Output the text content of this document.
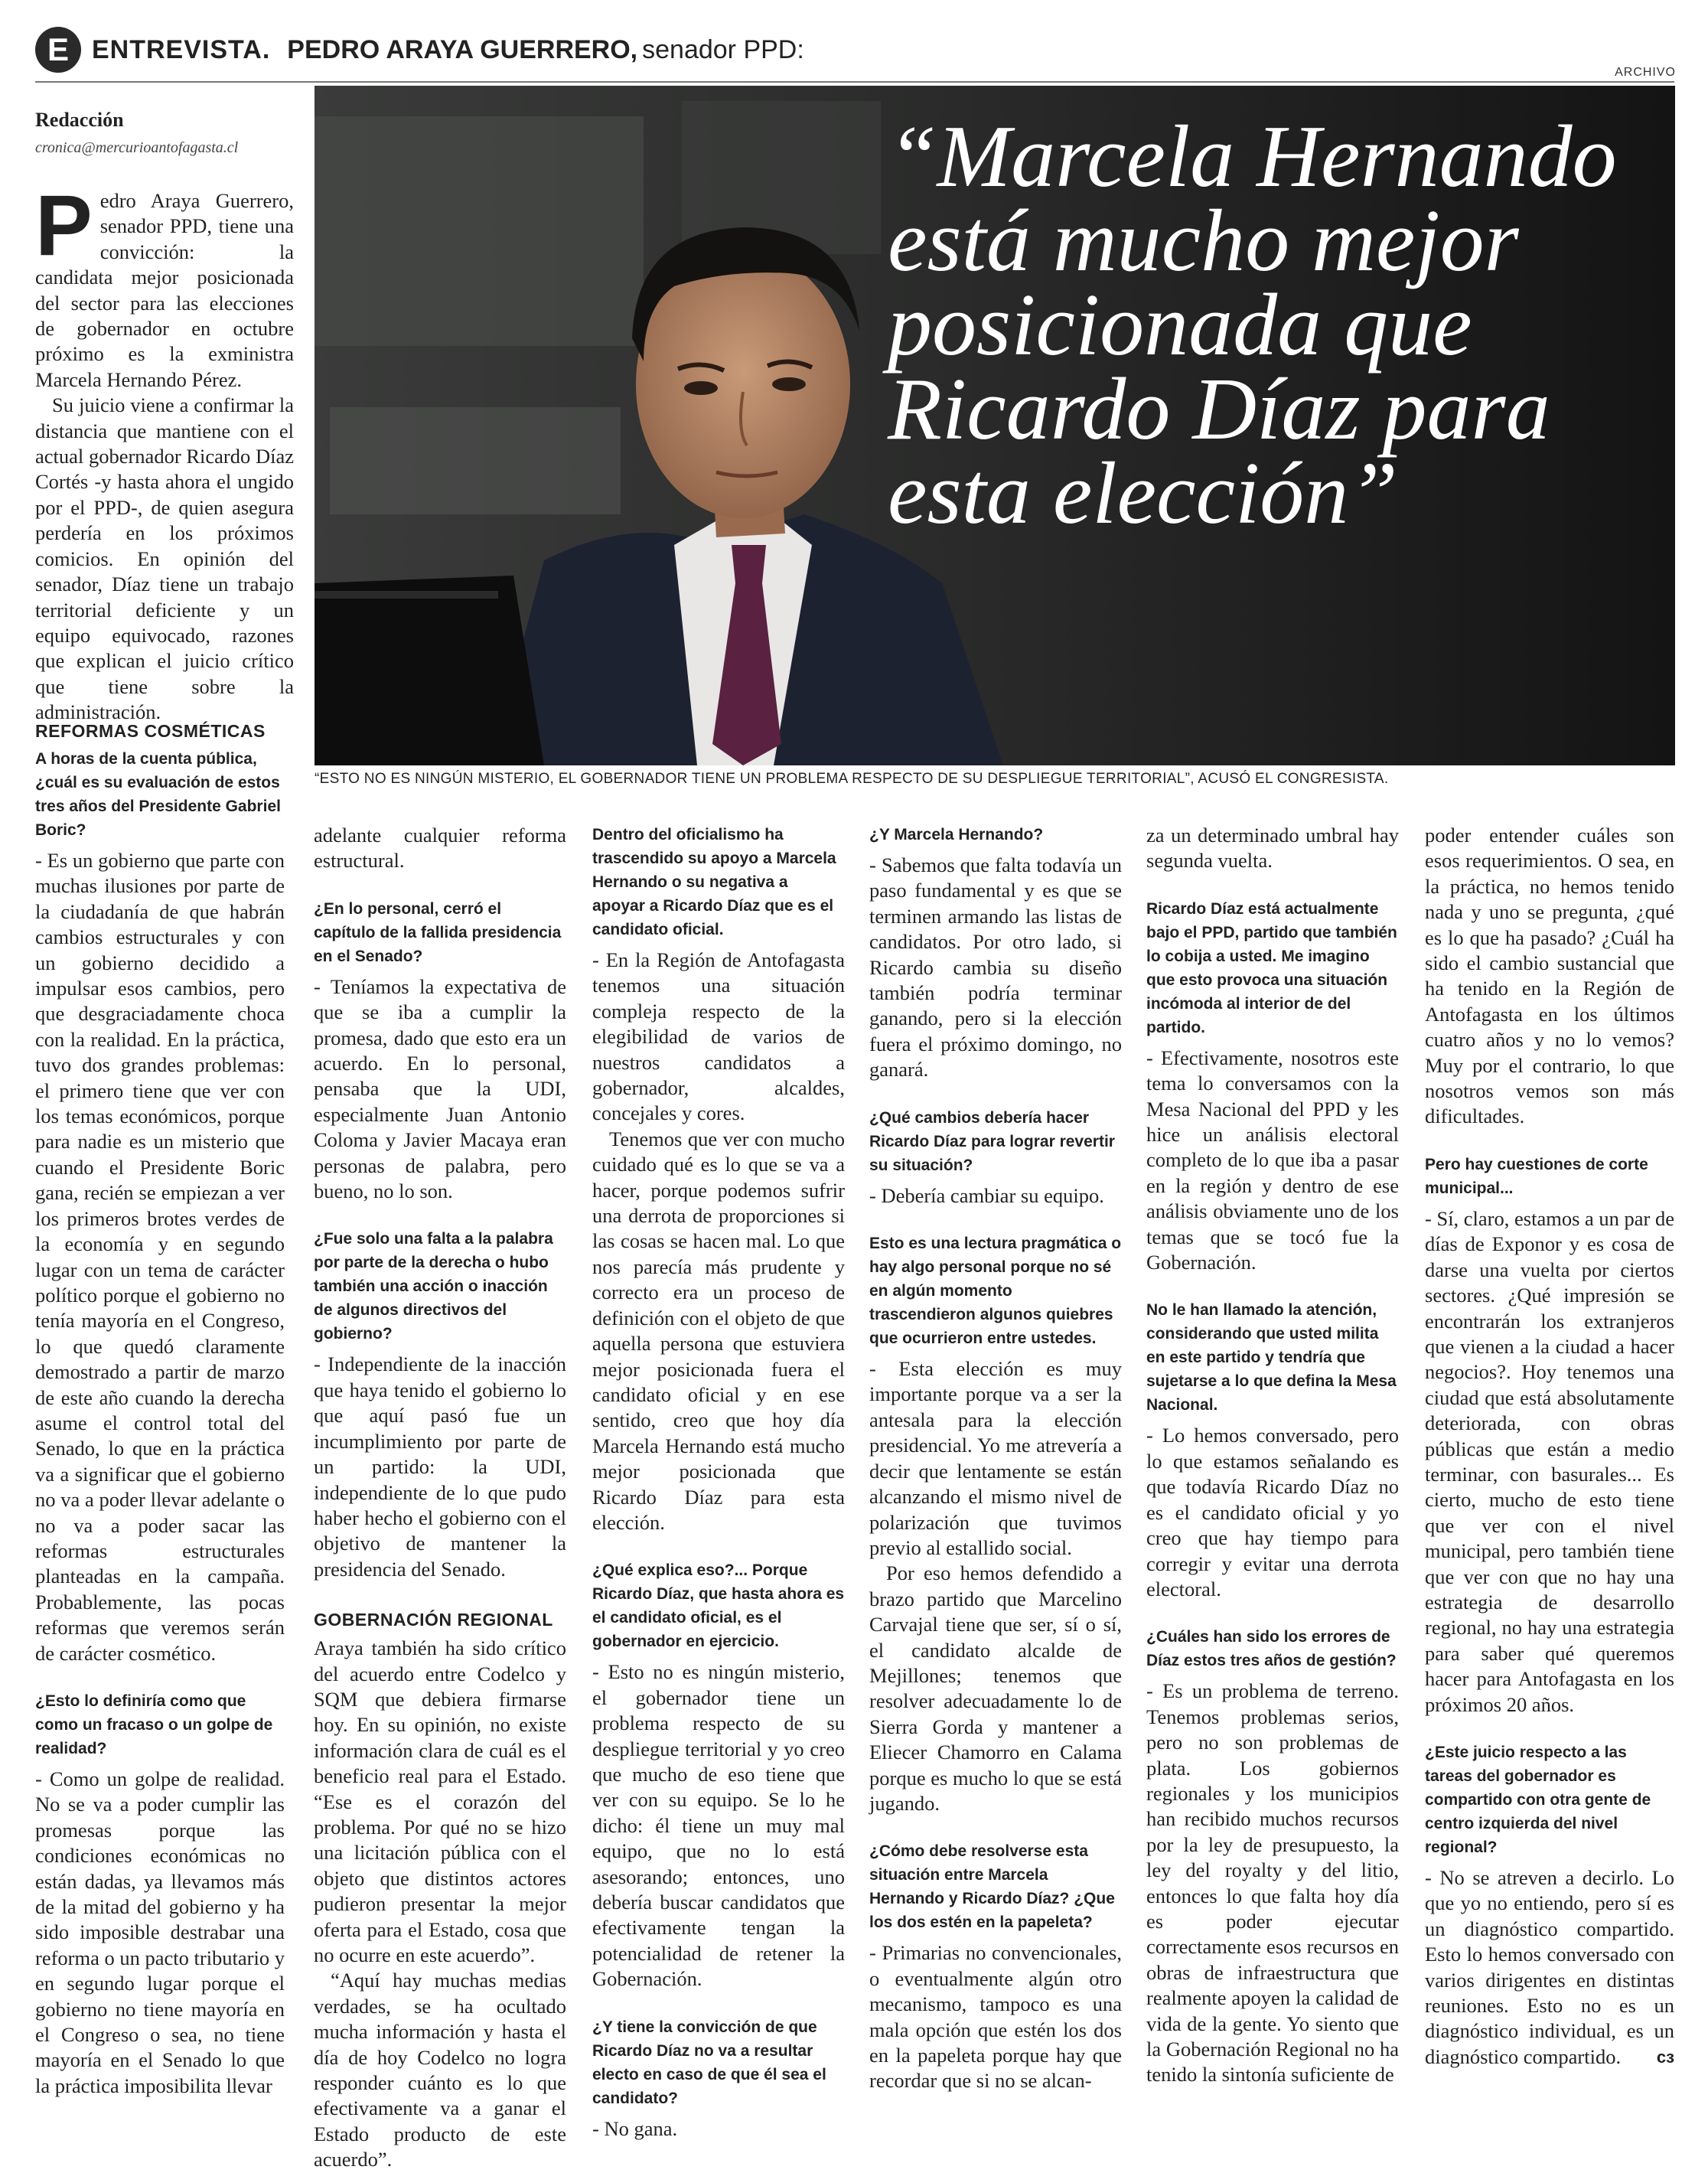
E ENTREVISTA. PEDRO ARAYA GUERRERO, senador PPD:
ARCHIVO
“Marcela Hernando está mucho mejor posicionada que Ricardo Díaz para esta elección”
“ESTO NO ES NINGÚN MISTERIO, EL GOBERNADOR TIENE UN PROBLEMA RESPECTO DE SU DESPLIEGUE TERRITORIAL”, ACUSÓ EL CONGRESISTA.
Redacción
cronica@mercurioantofagasta.cl

Pedro Araya Guerrero, senador PPD, tiene una convicción: la candidata mejor posicionada del sector para las elecciones de gobernador en octubre próximo es la exministra Marcela Hernando Pérez.

Su juicio viene a confirmar la distancia que mantiene con el actual gobernador Ricardo Díaz Cortés -y hasta ahora el ungido por el PPD-, de quien asegura perdería en los próximos comicios. En opinión del senador, Díaz tiene un trabajo territorial deficiente y un equipo equivocado, razones que explican el juicio crítico que tiene sobre la administración.

REFORMAS COSMÉTICAS
A horas de la cuenta pública, ¿cuál es su evaluación de estos tres años del Presidente Gabriel Boric?

- Es un gobierno que parte con muchas ilusiones por parte de la ciudadanía de que habrán cambios estructurales y con un gobierno decidido a impulsar esos cambios, pero que desgraciadamente choca con la realidad. En la práctica, tuvo dos grandes problemas: el primero tiene que ver con los temas económicos, porque para nadie es un misterio que cuando el Presidente Boric gana, recién se empiezan a ver los primeros brotes verdes de la economía y en segundo lugar con un tema de carácter político porque el gobierno no tenía mayoría en el Congreso, lo que quedó claramente demostrado a partir de marzo de este año cuando la derecha asume el control total del Senado, lo que en la práctica va a significar que el gobierno no va a poder llevar adelante o no va a poder sacar las reformas estructurales planteadas en la campaña. Probablemente, las pocas reformas que veremos serán de carácter cosmético.

¿Esto lo definiría como que como un fracaso o un golpe de realidad?

- Como un golpe de realidad. No se va a poder cumplir las promesas porque las condiciones económicas no están dadas, ya llevamos más de la mitad del gobierno y ha sido imposible destrabar una reforma o un pacto tributario y en segundo lugar porque el gobierno no tiene mayoría en el Congreso o sea, no tiene mayoría en el Senado lo que la práctica imposibilita llevar

adelante cualquier reforma estructural.

¿En lo personal, cerró el capítulo de la fallida presidencia en el Senado?

- Teníamos la expectativa de que se iba a cumplir la promesa, dado que esto era un acuerdo. En lo personal, pensaba que la UDI, especialmente Juan Antonio Coloma y Javier Macaya eran personas de palabra, pero bueno, no lo son.

¿Fue solo una falta a la palabra por parte de la derecha o hubo también una acción o inacción de algunos directivos del gobierno?

- Independiente de la inacción que haya tenido el gobierno lo que aquí pasó fue un incumplimiento por parte de un partido: la UDI, independiente de lo que pudo haber hecho el gobierno con el objetivo de mantener la presidencia del Senado.

GOBERNACIÓN REGIONAL

Araya también ha sido crítico del acuerdo entre Codelco y SQM que debiera firmarse hoy. En su opinión, no existe información clara de cuál es el beneficio real para el Estado. “Ese es el corazón del problema. Por qué no se hizo una licitación pública con el objeto que distintos actores pudieron presentar la mejor oferta para el Estado, cosa que no ocurre en este acuerdo”.

“Aquí hay muchas medias verdades, se ha ocultado mucha información y hasta el día de hoy Codelco no logra responder cuánto es lo que efectivamente va a ganar el Estado producto de este acuerdo”.

Dentro del oficialismo ha trascendido su apoyo a Marcela Hernando o su negativa a apoyar a Ricardo Díaz que es el candidato oficial.

- En la Región de Antofagasta tenemos una situación compleja respecto de la elegibilidad de varios de nuestros candidatos a gobernador, alcaldes, concejales y cores.

Tenemos que ver con mucho cuidado qué es lo que se va a hacer, porque podemos sufrir una derrota de proporciones si las cosas se hacen mal. Lo que nos parecía más prudente y correcto era un proceso de definición con el objeto de que aquella persona que estuviera mejor posicionada fuera el candidato oficial y en ese sentido, creo que hoy día Marcela Hernando está mucho mejor posicionada que Ricardo Díaz para esta elección.

¿Qué explica eso?... Porque Ricardo Díaz, que hasta ahora es el candidato oficial, es el gobernador en ejercicio.

- Esto no es ningún misterio, el gobernador tiene un problema respecto de su despliegue territorial y yo creo que mucho de eso tiene que ver con su equipo. Se lo he dicho: él tiene un muy mal equipo, que no lo está asesorando; entonces, uno debería buscar candidatos que efectivamente tengan la potencialidad de retener la Gobernación.

¿Y tiene la convicción de que Ricardo Díaz no va a resultar electo en caso de que él sea el candidato?

- No gana.

¿Y Marcela Hernando?

- Sabemos que falta todavía un paso fundamental y es que se terminen armando las listas de candidatos. Por otro lado, si Ricardo cambia su diseño también podría terminar ganando, pero si la elección fuera el próximo domingo, no ganará.

¿Qué cambios debería hacer Ricardo Díaz para lograr revertir su situación?

- Debería cambiar su equipo.

Esto es una lectura pragmática o hay algo personal porque no sé en algún momento trascendieron algunos quiebres que ocurrieron entre ustedes.

- Esta elección es muy importante porque va a ser la antesala para la elección presidencial. Yo me atrevería a decir que lentamente se están alcanzando el mismo nivel de polarización que tuvimos previo al estallido social.

Por eso hemos defendido a brazo partido que Marcelino Carvajal tiene que ser, sí o sí, el candidato alcalde de Mejillones; tenemos que resolver adecuadamente lo de Sierra Gorda y mantener a Eliecer Chamorro en Calama porque es mucho lo que se está jugando.

¿Cómo debe resolverse esta situación entre Marcela Hernando y Ricardo Díaz? ¿Que los dos estén en la papeleta?

- Primarias no convencionales, o eventualmente algún otro mecanismo, tampoco es una mala opción que estén los dos en la papeleta porque hay que recordar que si no se alcan-

za un determinado umbral hay segunda vuelta.

Ricardo Díaz está actualmente bajo el PPD, partido que también lo cobija a usted. Me imagino que esto provoca una situación incómoda al interior de del partido.

- Efectivamente, nosotros este tema lo conversamos con la Mesa Nacional del PPD y les hice un análisis electoral completo de lo que iba a pasar en la región y dentro de ese análisis obviamente uno de los temas que se tocó fue la Gobernación.

No le han llamado la atención, considerando que usted milita en este partido y tendría que sujetarse a lo que defina la Mesa Nacional.

- Lo hemos conversado, pero lo que estamos señalando es que todavía Ricardo Díaz no es el candidato oficial y yo creo que hay tiempo para corregir y evitar una derrota electoral.

¿Cuáles han sido los errores de Díaz estos tres años de gestión?

- Es un problema de terreno. Tenemos problemas serios, pero no son problemas de plata. Los gobiernos regionales y los municipios han recibido muchos recursos por la ley de presupuesto, la ley del royalty y del litio, entonces lo que falta hoy día es poder ejecutar correctamente esos recursos en obras de infraestructura que realmente apoyen la calidad de vida de la gente. Yo siento que la Gobernación Regional no ha tenido la sintonía suficiente de

poder entender cuáles son esos requerimientos. O sea, en la práctica, no hemos tenido nada y uno se pregunta, ¿qué es lo que ha pasado? ¿Cuál ha sido el cambio sustancial que ha tenido en la Región de Antofagasta en los últimos cuatro años y no lo vemos? Muy por el contrario, lo que nosotros vemos son más dificultades.

Pero hay cuestiones de corte municipal...

- Sí, claro, estamos a un par de días de Exponor y es cosa de darse una vuelta por ciertos sectores. ¿Qué impresión se encontrarán los extranjeros que vienen a la ciudad a hacer negocios?. Hoy tenemos una ciudad que está absolutamente deteriorada, con obras públicas que están a medio terminar, con basurales... Es cierto, mucho de esto tiene que ver con el nivel municipal, pero también tiene que ver con que no hay una estrategia de desarrollo regional, no hay una estrategia para saber qué queremos hacer para Antofagasta en los próximos 20 años.

¿Este juicio respecto a las tareas del gobernador es compartido con otra gente de centro izquierda del nivel regional?

- No se atreven a decirlo. Lo que yo no entiendo, pero sí es un diagnóstico compartido. Esto lo hemos conversado con varios dirigentes en distintas reuniones. Esto no es un diagnóstico individual, es un diagnóstico compartido. ᴄɜ
